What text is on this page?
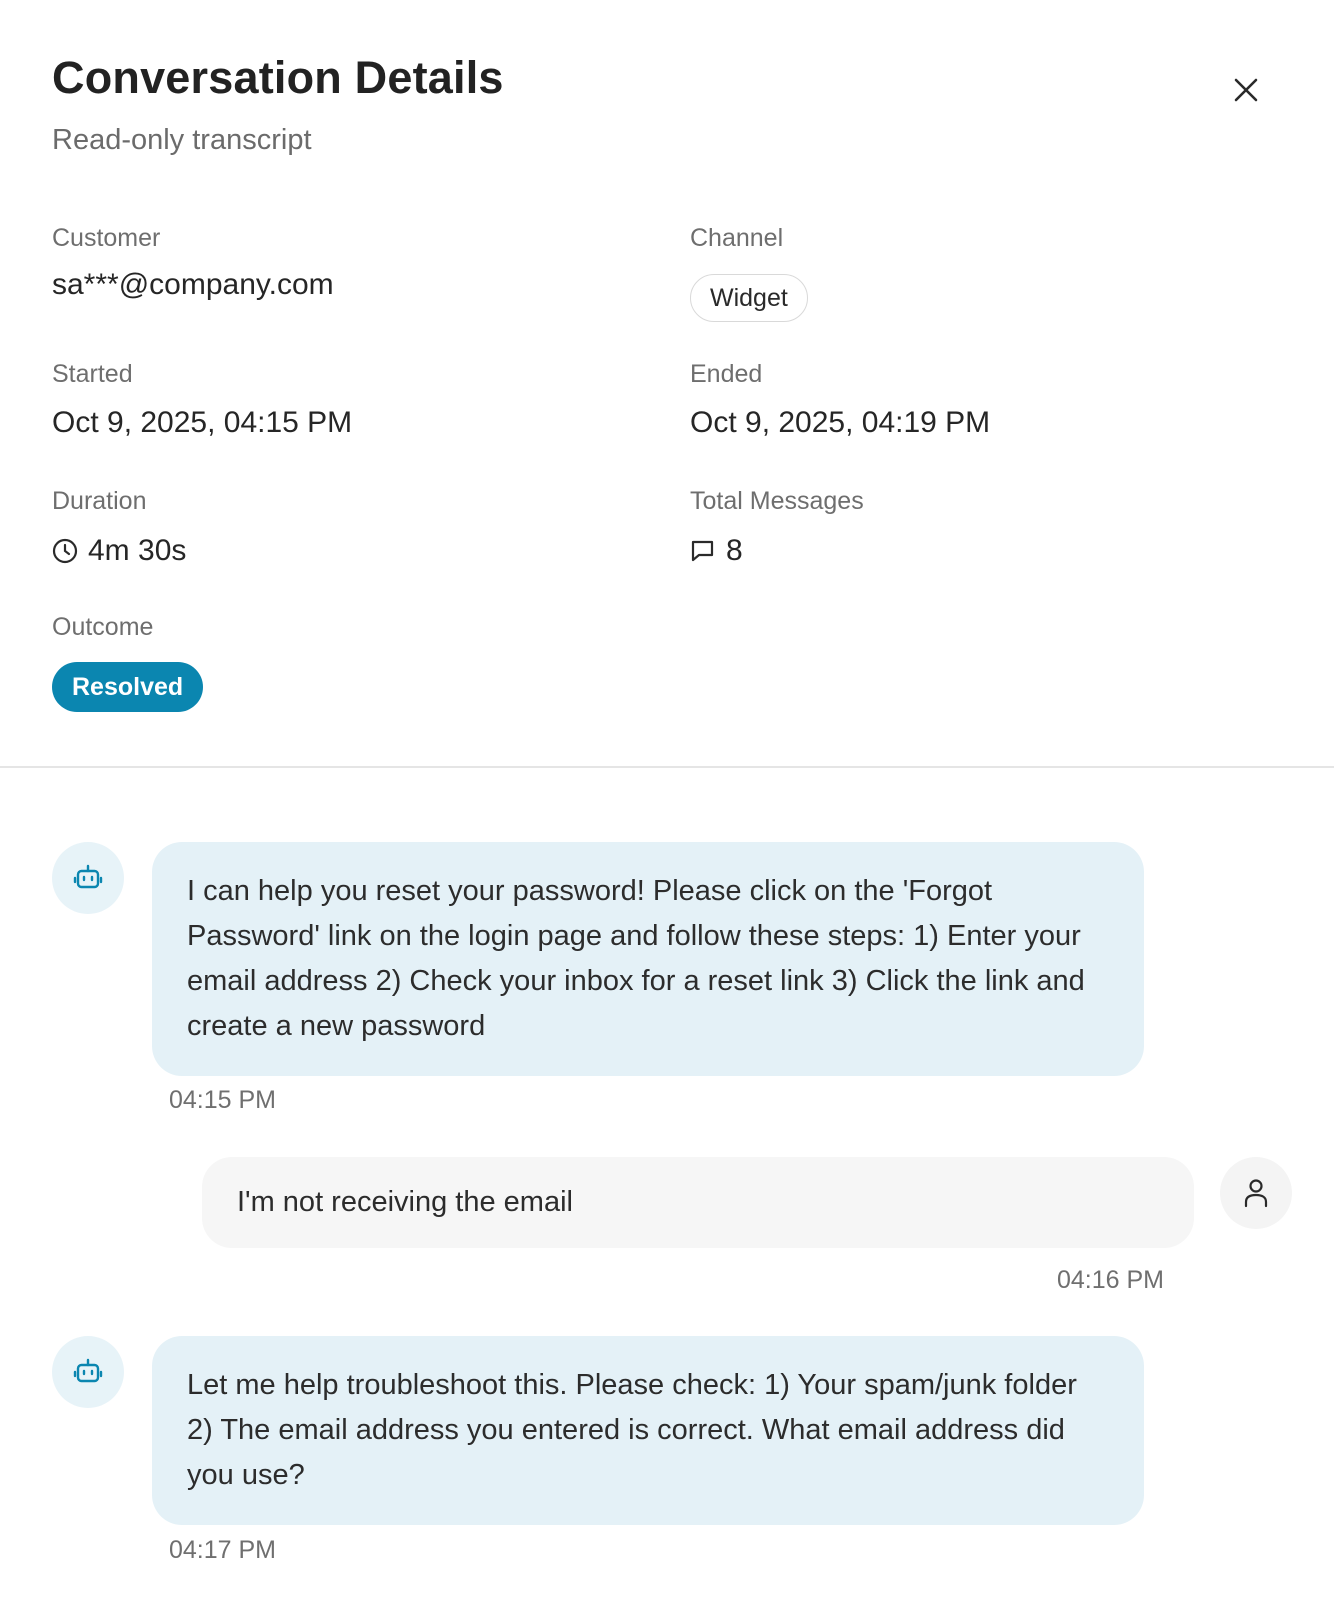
Conversation Details
Read-only transcript
Customer
sa***@company.com
Channel
Widget
Started
Oct 9, 2025, 04:15 PM
Ended
Oct 9, 2025, 04:19 PM
Duration
4m 30s
Total Messages
8
Outcome
Resolved
I can help you reset your password! Please click on the 'Forgot Password' link on the login page and follow these steps: 1) Enter your email address 2) Check your inbox for a reset link 3) Click the link and create a new password
04:15 PM
I'm not receiving the email
04:16 PM
Let me help troubleshoot this. Please check: 1) Your spam/junk folder 2) The email address you entered is correct. What email address did you use?
04:17 PM
